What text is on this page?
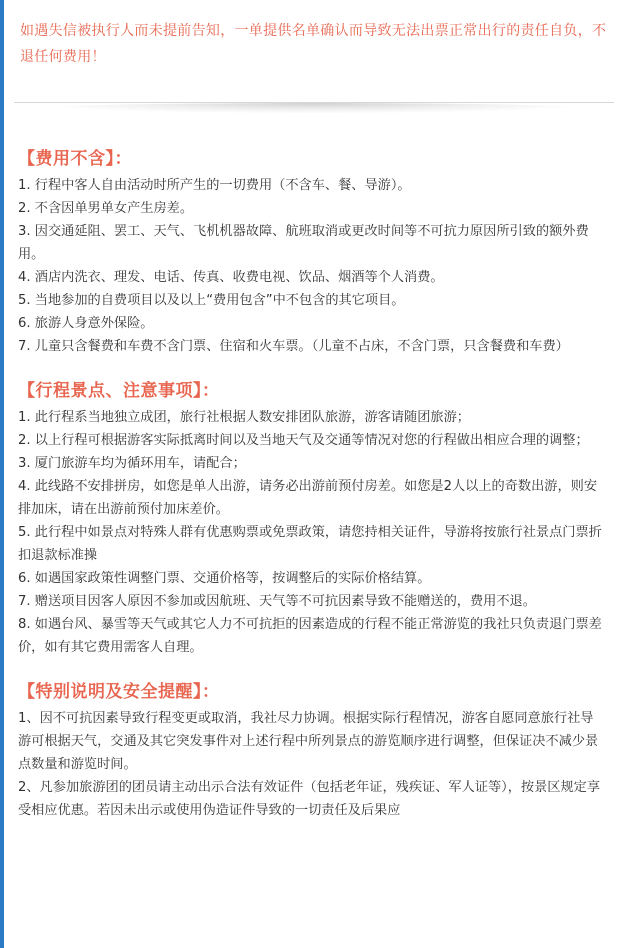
如遇失信被执行人而未提前告知，一单提供名单确认而导致无法出票正常出行的责任自负，不退任何费用！
【费用不含】：
1. 行程中客人自由活动时所产生的一切费用（不含车、餐、导游）。
2. 不含因单男单女产生房差。
3. 因交通延阻、罢工、天气、飞机机器故障、航班取消或更改时间等不可抗力原因所引致的额外费用。
4. 酒店内洗衣、理发、电话、传真、收费电视、饮品、烟酒等个人消费。
5. 当地参加的自费项目以及以上“费用包含”中不包含的其它项目。
6. 旅游人身意外保险。
7. 儿童只含餐费和车费不含门票、住宿和火车票。（儿童不占床，不含门票，只含餐费和车费）
【行程景点、注意事项】：
1. 此行程系当地独立成团，旅行社根据人数安排团队旅游，游客请随团旅游；
2. 以上行程可根据游客实际抵离时间以及当地天气及交通等情况对您的行程做出相应合理的调整；
3. 厦门旅游车均为循环用车，请配合；
4. 此线路不安排拼房，如您是单人出游，请务必出游前预付房差。如您是2人以上的奇数出游，则安排加床，请在出游前预付加床差价。
5. 此行程中如景点对特殊人群有优惠购票或免票政策，请您持相关证件，导游将按旅行社景点门票折扣退款标准操
6. 如遇国家政策性调整门票、交通价格等，按调整后的实际价格结算。
7. 赠送项目因客人原因不参加或因航班、天气等不可抗因素导致不能赠送的，费用不退。
8. 如遇台风、暴雪等天气或其它人力不可抗拒的因素造成的行程不能正常游览的我社只负责退门票差价，如有其它费用需客人自理。
【特别说明及安全提醒】：
1、因不可抗因素导致行程变更或取消，我社尽力协调。根据实际行程情况，游客自愿同意旅行社导游可根据天气，交通及其它突发事件对上述行程中所列景点的游览顺序进行调整，但保证决不减少景点数量和游览时间。
2、凡参加旅游团的团员请主动出示合法有效证件（包括老年证，残疾证、军人证等），按景区规定享受相应优惠。若因未出示或使用伪造证件导致的一切责任及后果应
